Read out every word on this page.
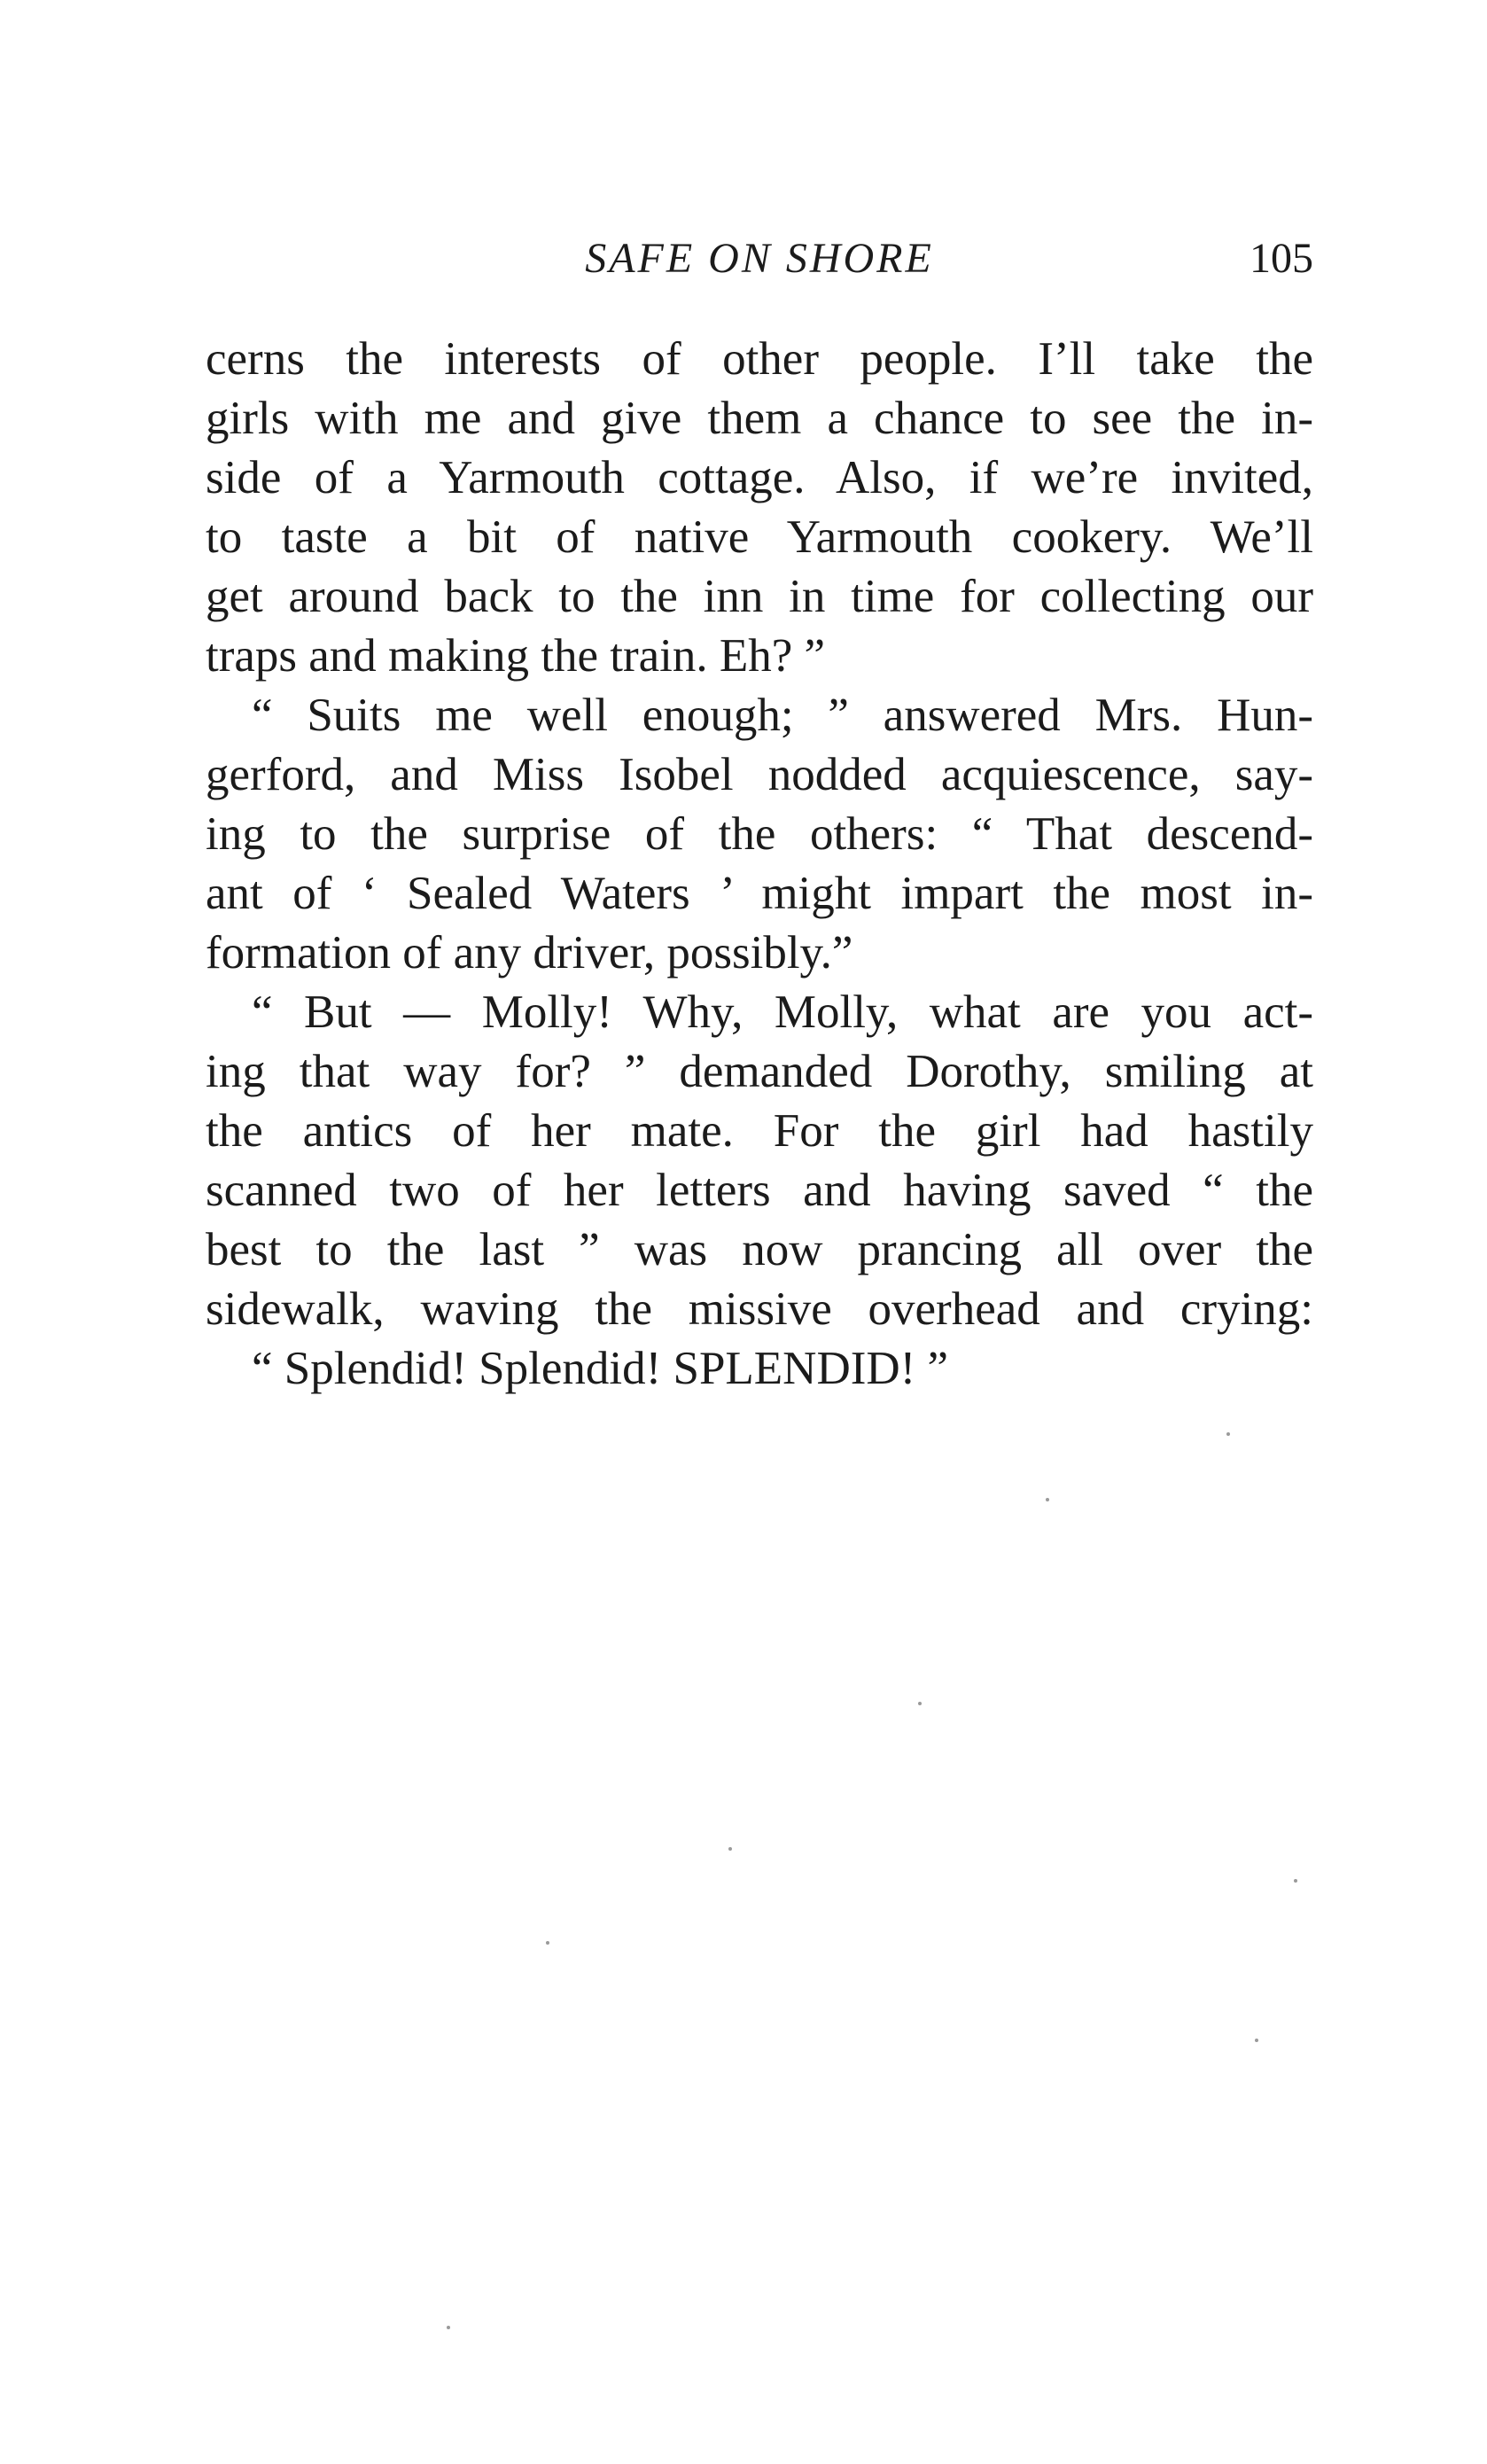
SAFE ON SHORE	105
cerns the interests of other people. I’ll take the
girls with me and give them a chance to see the in-
side of a Yarmouth cottage. Also, if we’re invited,
to taste a bit of native Yarmouth cookery. We’ll
get around back to the inn in time for collecting our
traps and making the train. Eh? ”
“ Suits me well enough; ” answered Mrs. Hun-
gerford, and Miss Isobel nodded acquiescence, say-
ing to the surprise of the others: “ That descend-
ant of ‘ Sealed Waters ’ might impart the most in-
formation of any driver, possibly.”
“ But — Molly! Why, Molly, what are you act-
ing that way for? ” demanded Dorothy, smiling at
the antics of her mate. For the girl had hastily
scanned two of her letters and having saved “ the
best to the last ” was now prancing all over the
sidewalk, waving the missive overhead and crying:
“ Splendid! Splendid! SPLENDID! ”
